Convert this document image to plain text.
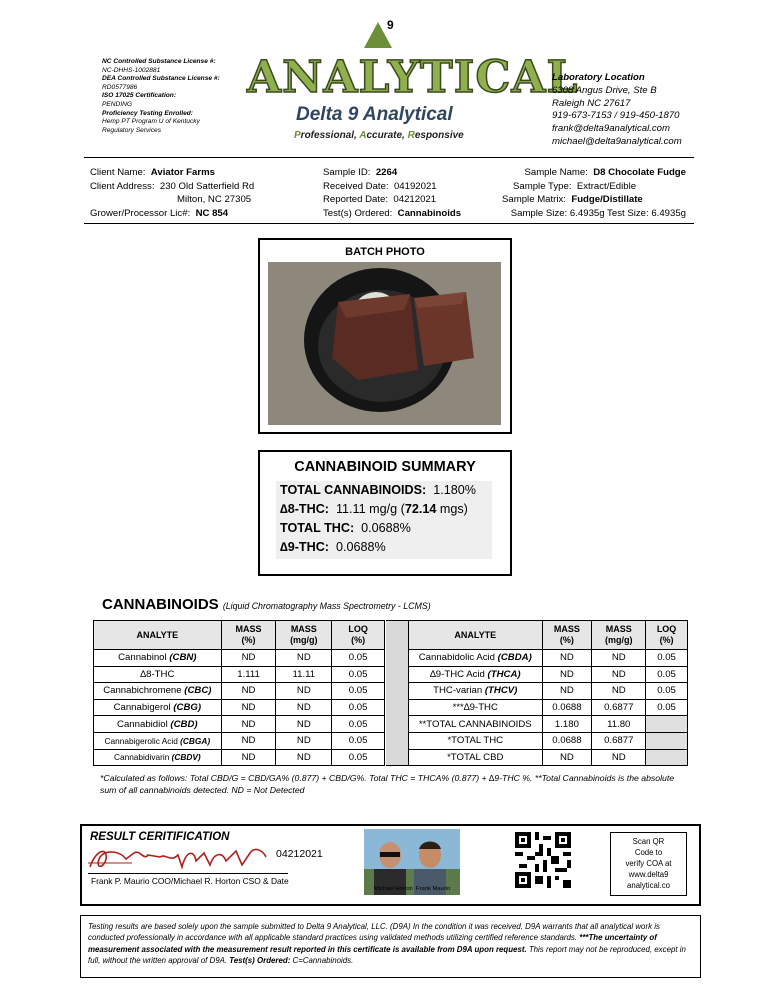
NC Controlled Substance License #:
NC-DHHS-1002881
DEA Controlled Substance License #:
RD0577986
ISO 17025 Certification:
PENDING
Proficiency Testing Enrolled:
Hemp PT Program U of Kentucky
Regulatory Services
9
ANALYTICAL
Delta 9 Analytical
Professional, Accurate, Responsive
Laboratory Location
6308 Angus Drive, Ste B
Raleigh NC 27617
919-673-7153 / 919-450-1870
frank@delta9analytical.com
michael@delta9analytical.com
Client Name: Aviator Farms
Client Address: 230 Old Satterfield Rd
Milton, NC 27305
Grower/Processor Lic#: NC 854
Sample ID: 2264
Received Date: 04192021
Reported Date: 04212021
Test(s) Ordered: Cannabinoids
Sample Name: D8 Chocolate Fudge
Sample Type: Extract/Edible
Sample Matrix: Fudge/Distillate
Sample Size: 6.4935g Test Size: 6.4935g
BATCH PHOTO
CANNABINOID SUMMARY
TOTAL CANNABINOIDS: 1.180%
∆8-THC: 11.11 mg/g (72.14 mgs)
TOTAL THC: 0.0688%
∆9-THC: 0.0688%
CANNABINOIDS (Liquid Chromatography Mass Spectrometry - LCMS)
ANALYTE	MASS
(%)	MASS
(mg/g)	LOQ
(%)
Cannabinol (CBN)	ND	ND	0.05
∆8-THC	1.111	11.11	0.05
Cannabichromene (CBC)	ND	ND	0.05
Cannabigerol (CBG)	ND	ND	0.05
Cannabidiol (CBD)	ND	ND	0.05
Cannabigerolic Acid (CBGA)	ND	ND	0.05
Cannabidivarin (CBDV)	ND	ND	0.05
ANALYTE	MASS
(%)	MASS
(mg/g)	LOQ
(%)
Cannabidolic Acid (CBDA)	ND	ND	0.05
∆9-THC Acid (THCA)	ND	ND	0.05
THC-varian (THCV)	ND	ND	0.05
***∆9-THC	0.0688	0.6877	0.05
**TOTAL CANNABINOIDS	1.180	11.80	
*TOTAL THC	0.0688	0.6877	
*TOTAL CBD	ND	ND	
*Calculated as follows: Total CBD/G = CBD/GA% (0.877) + CBD/G%. Total THC = THCA% (0.877) + ∆9-THC %. **Total Cannabinoids is the absolute sum of all cannabinoids detected. ND = Not Detected
RESULT CERITIFICATION
04212021
Frank P. Maurio COO/Michael R. Horton CSO & Date
Michael Horton Frank Maurio
Scan QR
Code to
verify COA at
www.delta9
analytical.co
Testing results are based solely upon the sample submitted to Delta 9 Analytical, LLC. (D9A) In the condition it was received. D9A warrants that all analytical work is conducted professionally in accordance with all applicable standard practices using validated methods utilizing certified reference standards. ***The uncertainty of measurement associated with the measurement result reported in this certificate is available from D9A upon request. This report may not be reproduced, except in full, without the written approval of D9A. Test(s) Ordered: C=Cannabinoids.
